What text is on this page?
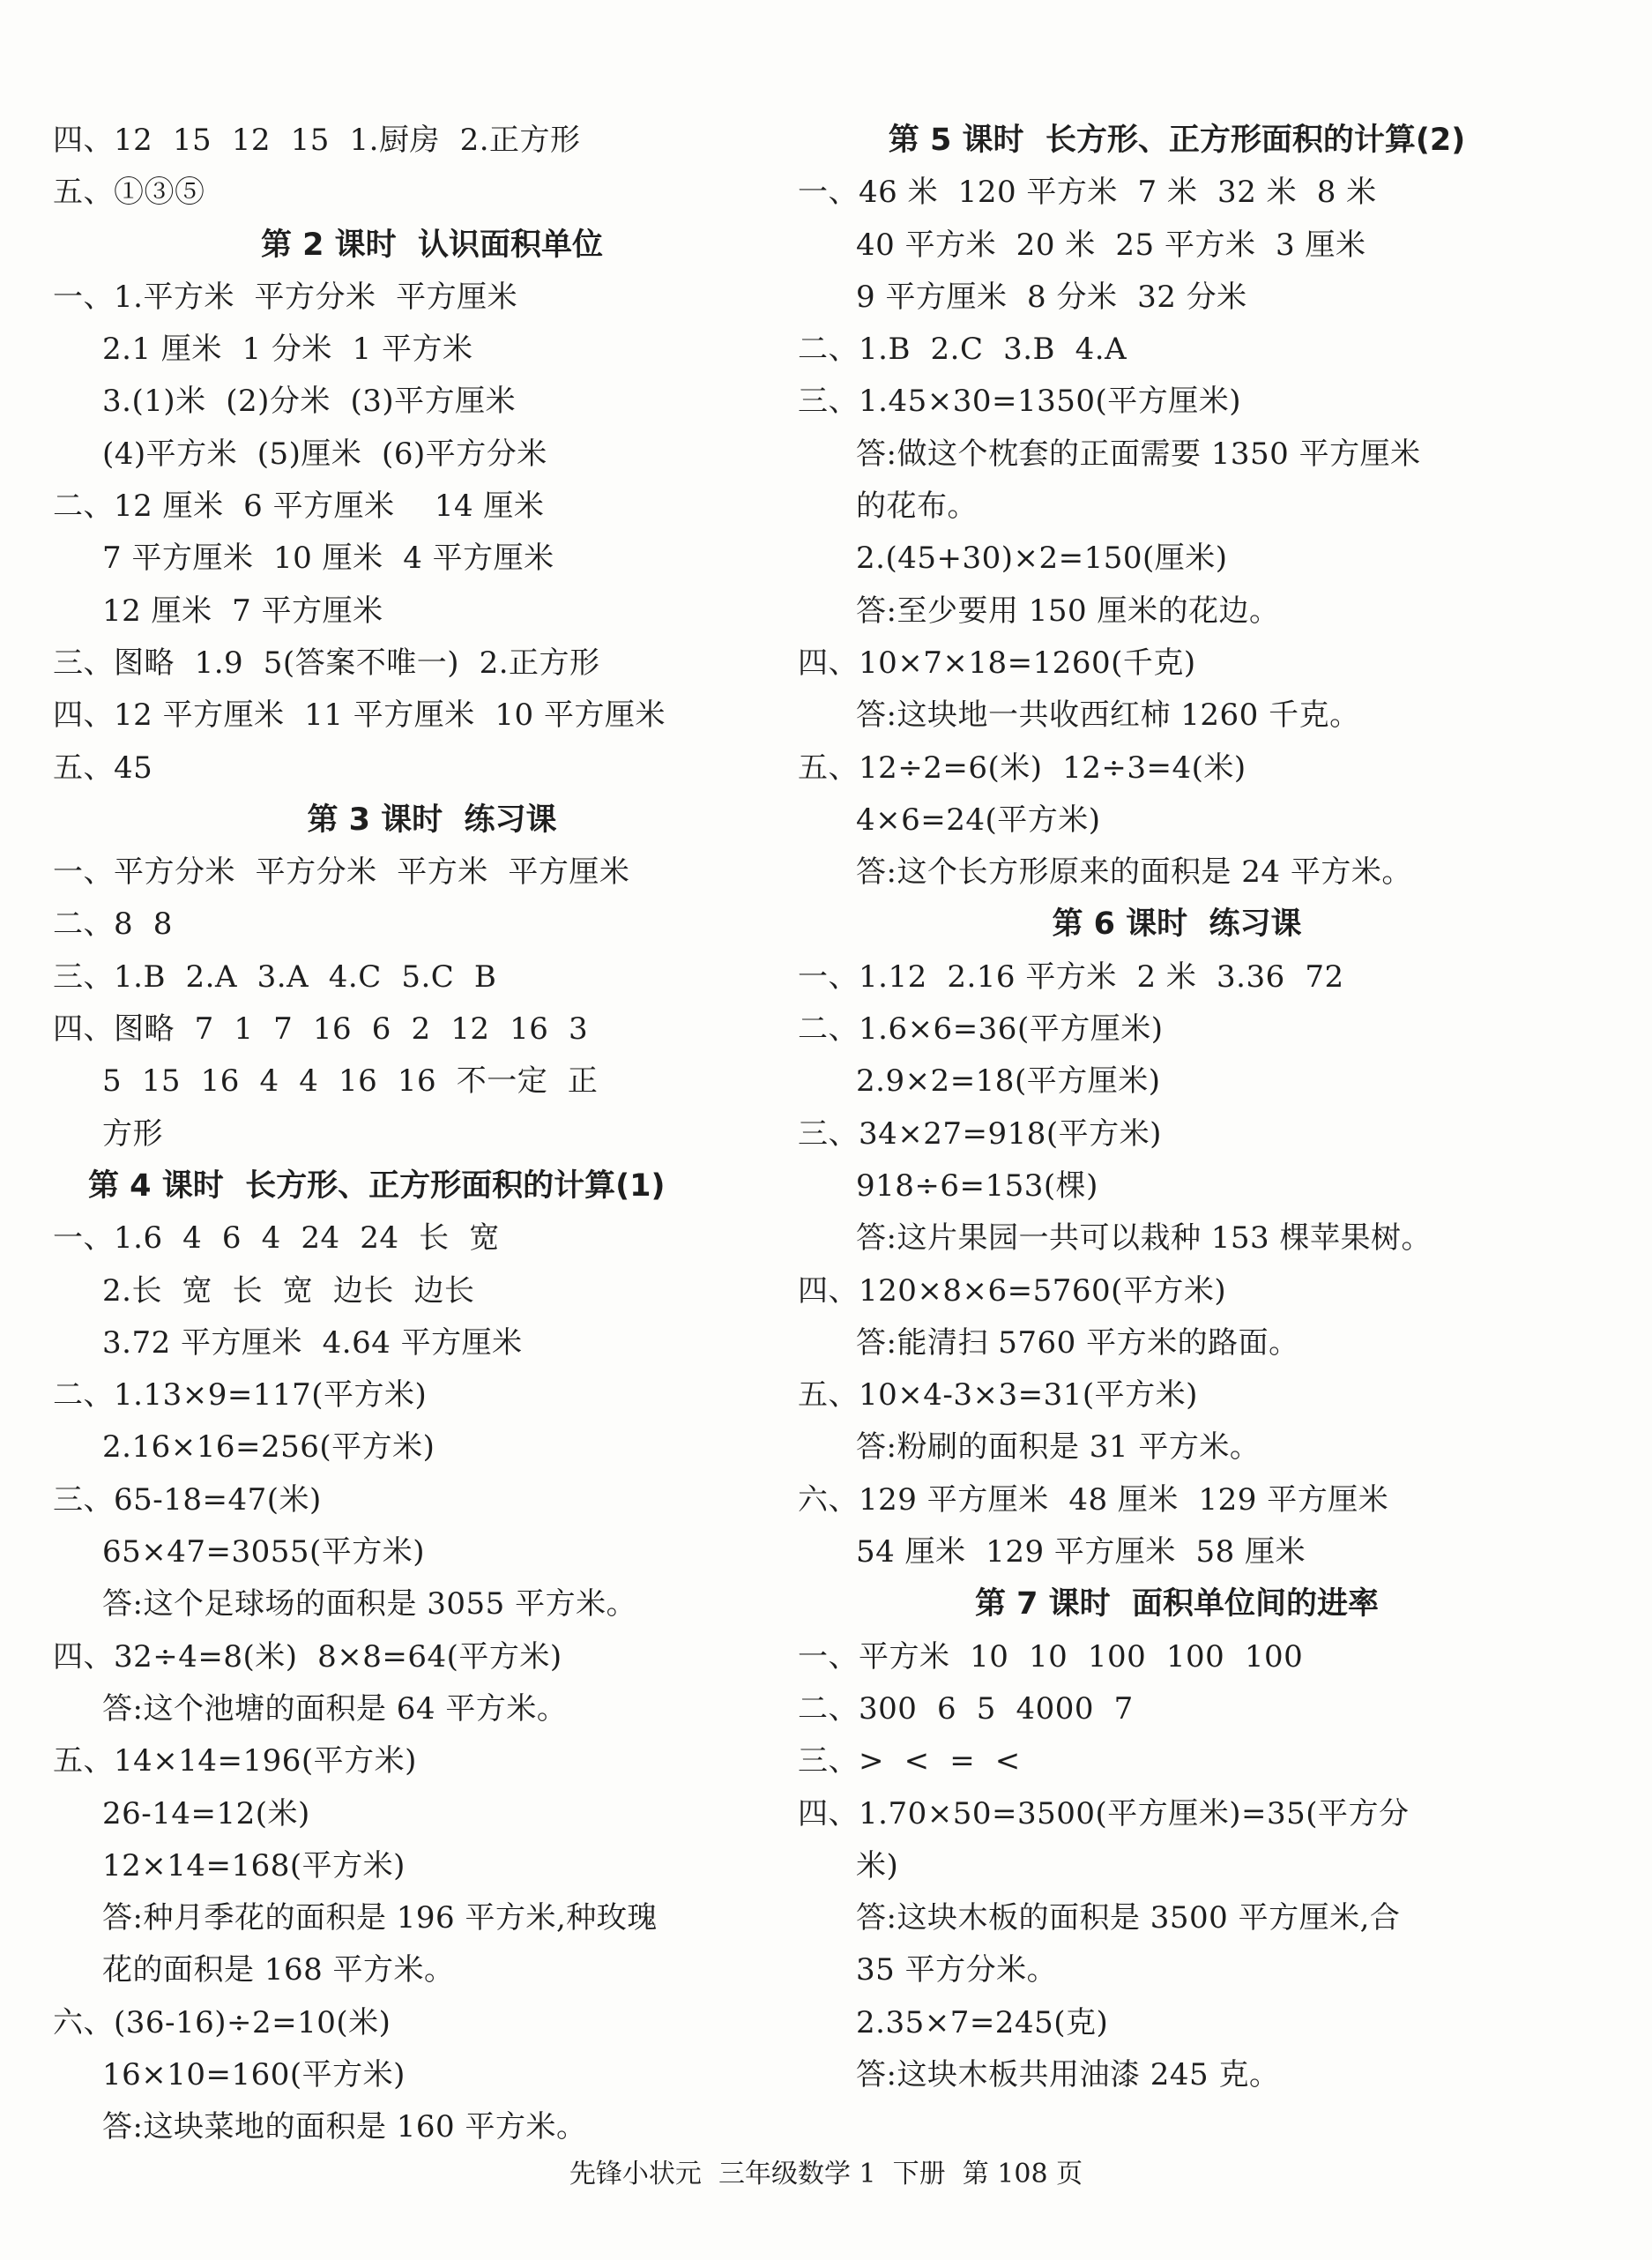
四、12  15  12  15  1.厨房  2.正方形
五、①③⑤
第 2 课时  认识面积单位
一、1.平方米  平方分米  平方厘米
2.1 厘米  1 分米  1 平方米
3.(1)米  (2)分米  (3)平方厘米
(4)平方米  (5)厘米  (6)平方分米
二、12 厘米  6 平方厘米    14 厘米
7 平方厘米  10 厘米  4 平方厘米
12 厘米  7 平方厘米
三、图略  1.9  5(答案不唯一)  2.正方形
四、12 平方厘米  11 平方厘米  10 平方厘米
五、45
第 3 课时  练习课
一、平方分米  平方分米  平方米  平方厘米
二、8  8
三、1.B  2.A  3.A  4.C  5.C  B
四、图略  7  1  7  16  6  2  12  16  3
5  15  16  4  4  16  16  不一定  正
方形
第 4 课时  长方形、正方形面积的计算(1)
一、1.6  4  6  4  24  24  长  宽
2.长  宽  长  宽  边长  边长
3.72 平方厘米  4.64 平方厘米
二、1.13×9=117(平方米)
2.16×16=256(平方米)
三、65-18=47(米)
65×47=3055(平方米)
答:这个足球场的面积是 3055 平方米。
四、32÷4=8(米)  8×8=64(平方米)
答:这个池塘的面积是 64 平方米。
五、14×14=196(平方米)
26-14=12(米)
12×14=168(平方米)
答:种月季花的面积是 196 平方米,种玫瑰
花的面积是 168 平方米。
六、(36-16)÷2=10(米)
16×10=160(平方米)
答:这块菜地的面积是 160 平方米。
第 5 课时  长方形、正方形面积的计算(2)
一、46 米  120 平方米  7 米  32 米  8 米
40 平方米  20 米  25 平方米  3 厘米
9 平方厘米  8 分米  32 分米
二、1.B  2.C  3.B  4.A
三、1.45×30=1350(平方厘米)
答:做这个枕套的正面需要 1350 平方厘米
的花布。
2.(45+30)×2=150(厘米)
答:至少要用 150 厘米的花边。
四、10×7×18=1260(千克)
答:这块地一共收西红柿 1260 千克。
五、12÷2=6(米)  12÷3=4(米)
4×6=24(平方米)
答:这个长方形原来的面积是 24 平方米。
第 6 课时  练习课
一、1.12  2.16 平方米  2 米  3.36  72
二、1.6×6=36(平方厘米)
2.9×2=18(平方厘米)
三、34×27=918(平方米)
918÷6=153(棵)
答:这片果园一共可以栽种 153 棵苹果树。
四、120×8×6=5760(平方米)
答:能清扫 5760 平方米的路面。
五、10×4-3×3=31(平方米)
答:粉刷的面积是 31 平方米。
六、129 平方厘米  48 厘米  129 平方厘米
54 厘米  129 平方厘米  58 厘米
第 7 课时  面积单位间的进率
一、平方米  10  10  100  100  100
二、300  6  5  4000  7
三、>  <  =  <
四、1.70×50=3500(平方厘米)=35(平方分
米)
答:这块木板的面积是 3500 平方厘米,合
35 平方分米。
2.35×7=245(克)
答:这块木板共用油漆 245 克。
先锋小状元  三年级数学 1  下册  第 108 页
